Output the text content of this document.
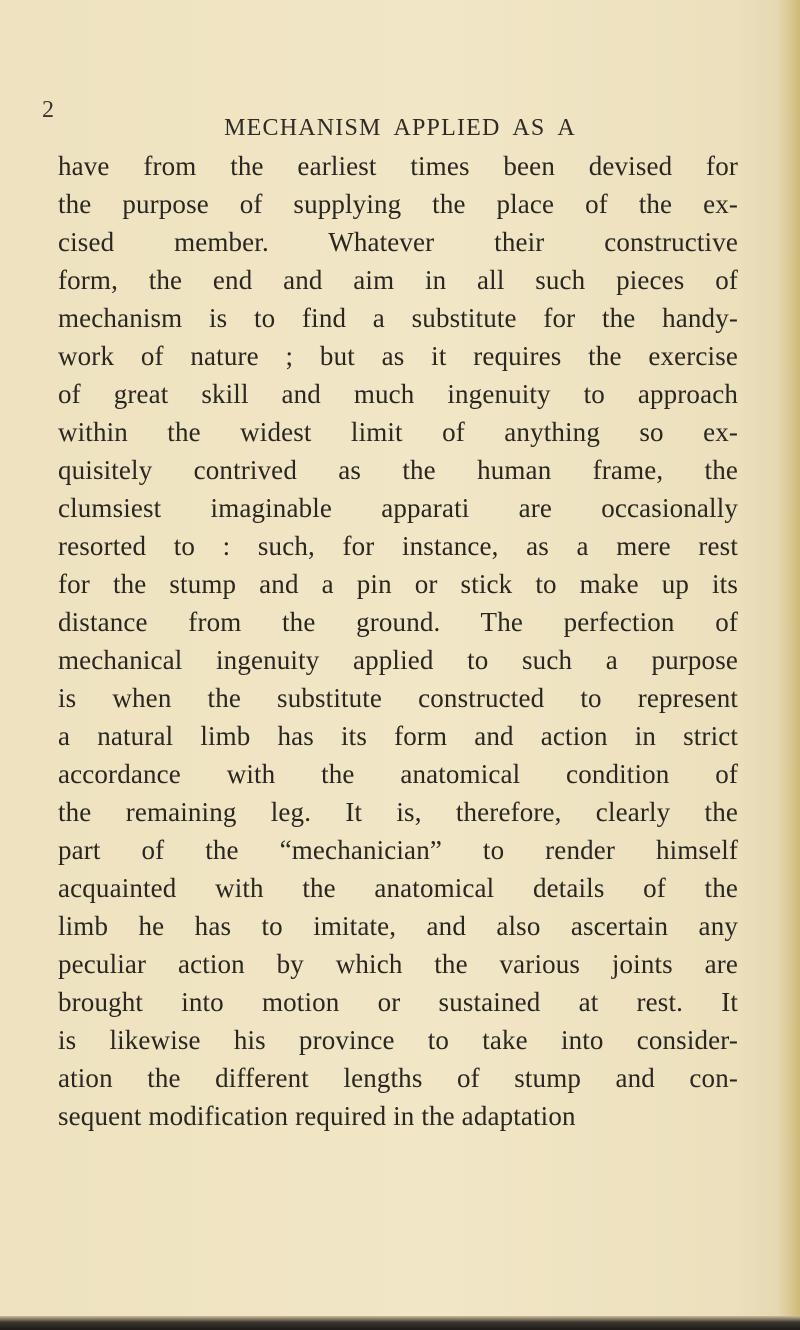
2
MECHANISM APPLIED AS A
have from the earliest times been devised for
the purpose of supplying the place of the ex-
cised member. Whatever their constructive
form, the end and aim in all such pieces of
mechanism is to find a substitute for the handy-
work of nature ; but as it requires the exercise
of great skill and much ingenuity to approach
within the widest limit of anything so ex-
quisitely contrived as the human frame, the
clumsiest imaginable apparati are occasionally
resorted to : such, for instance, as a mere rest
for the stump and a pin or stick to make up its
distance from the ground. The perfection of
mechanical ingenuity applied to such a purpose
is when the substitute constructed to represent
a natural limb has its form and action in strict
accordance with the anatomical condition of
the remaining leg. It is, therefore, clearly the
part of the “mechanician” to render himself
acquainted with the anatomical details of the
limb he has to imitate, and also ascertain any
peculiar action by which the various joints are
brought into motion or sustained at rest. It
is likewise his province to take into consider-
ation the different lengths of stump and con-
sequent modification required in the adaptation
